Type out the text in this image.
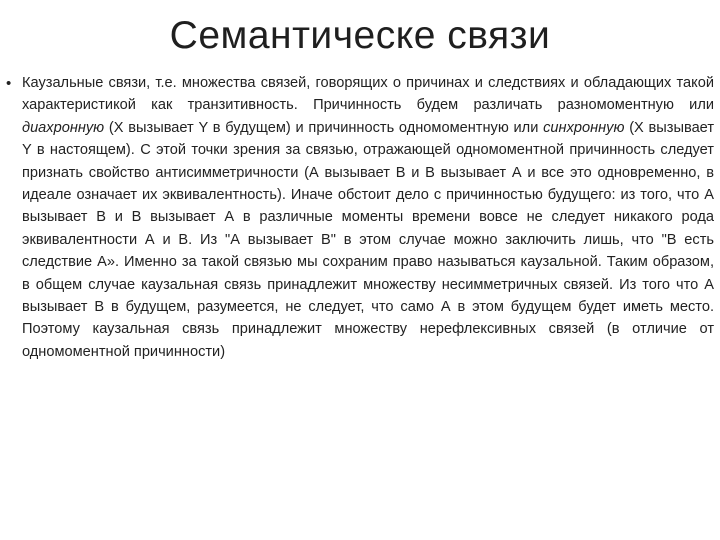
Семантическе связи
• Каузальные связи, т.е. множества связей, говорящих о причинах и следствиях и обладающих такой характеристикой как транзитивность. Причинность будем различать разномоментную или диахронную (X вызывает Y в будущем) и причинность одномоментную или синхронную (X вызывает Y в настоящем). С этой точки зрения за связью, отражающей одномоментной причинность следует признать свойство антисимметричности (А вызывает В и В вызывает А и все это одновременно, в идеале означает их эквивалентность). Иначе обстоит дело с причинностью будущего: из того, что А вызывает В и В вызывает А в различные моменты времени вовсе не следует никакого рода эквивалентности А и В. Из "А вызывает В" в этом случае можно заключить лишь, что "В есть следствие А». Именно за такой связью мы сохраним право называться каузальной. Таким образом, в общем случае каузальная связь принадлежит множеству несимметричных связей. Из того что А вызывает В в будущем, разумеется, не следует, что само А в этом будущем будет иметь место. Поэтому каузальная связь принадлежит множеству нерефлексивных связей (в отличие от одномоментной причинности)
